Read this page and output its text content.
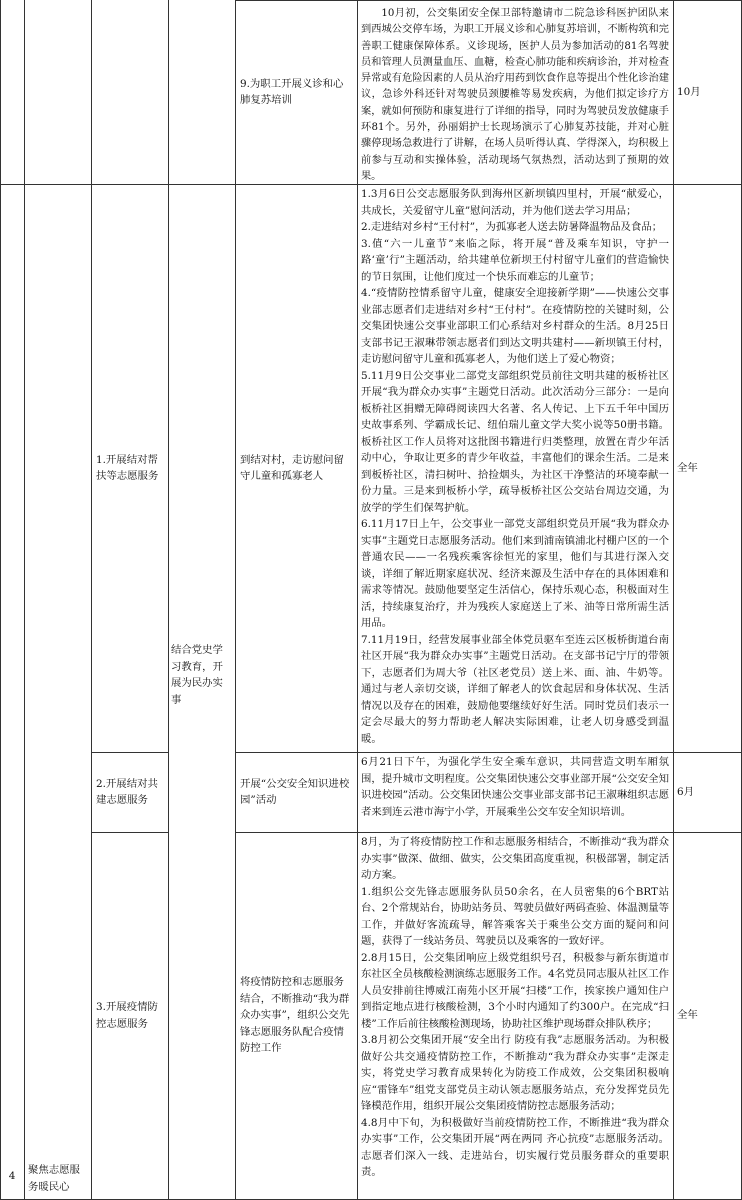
9.为职工开展义诊和心肺复苏培训
10月初，公交集团安全保卫部特邀请市二院急诊科医护团队来到西城公交停车场，为职工开展义诊和心肺复苏培训，不断构筑和完善职工健康保障体系。义诊现场，医护人员为参加活动的81名驾驶员和管理人员测量血压、血糖，检查心肺功能和疾病诊治，并对检查异常或有危险因素的人员从治疗用药到饮食作息等提出个性化诊治建议，急诊外科还针对驾驶员颈腰椎等易发疾病，为他们拟定诊疗方案，就如何预防和康复进行了详细的指导，同时为驾驶员发放健康手环81个。另外，孙丽娟护士长现场演示了心肺复苏技能，并对心脏骤停现场急救进行了讲解，在场人员听得认真、学得深入，均积极上前参与互动和实操体验，活动现场气氛热烈，活动达到了预期的效果。
10月
4 聚焦志愿服务暖民心
结合党史学习教育，开展为民办实事
1.开展结对帮扶等志愿服务
到结对村，走访慰问留守儿童和孤寡老人

1.3月6日公交志愿服务队到海州区新坝镇四里村，开展“献爱心，共成长，关爱留守儿童”慰问活动，并为他们送去学习用品；

2.走进结对乡村“王付村”，为孤寡老人送去防暑降温物品及食品；

3.值“六一儿童节”来临之际，将开展“普及乘车知识，守护一路‘童’行”主题活动，给共建单位新坝王付村留守儿童们的营造愉快的节日氛围，让他们度过一个快乐而难忘的儿童节；

4.“疫情防控情系留守儿童，健康安全迎接新学期”——快速公交事业部志愿者们走进结对乡村“王付村”。在疫情防控的关键时刻，公交集团快速公交事业部职工们心系结对乡村群众的生活。8月25日支部书记王淑琳带领志愿者们到达文明共建村——新坝镇王付村，走访慰问留守儿童和孤寡老人，为他们送上了爱心物资；

5.11月9日公交事业二部党支部组织党员前往文明共建的板桥社区开展“我为群众办实事”主题党日活动。此次活动分三部分：一是向板桥社区捐赠无障碍阅读四大名著、名人传记、上下五千年中国历史故事系列、学霸成长记、纽伯瑞儿童文学大奖小说等50册书籍。板桥社区工作人员将对这批图书籍进行归类整理，放置在青少年活动中心，争取让更多的青少年收益，丰富他们的课余生活。二是来到板桥社区，清扫树叶、拾捡烟头，为社区干净整洁的环境奉献一份力量。三是来到板桥小学，疏导板桥社区公交站台周边交通，为放学的学生们保驾护航。

6.11月17日上午，公交事业一部党支部组织党员开展“我为群众办实事”主题党日志愿服务活动。他们来到浦南镇浦北村棚户区的一个普通农民——一名残疾乘客徐恒光的家里，他们与其进行深入交谈，详细了解近期家庭状况、经济来源及生活中存在的具体困难和需求等情况。鼓励他要坚定生活信心，保持乐观心态，积极面对生活，持续康复治疗，并为残疾人家庭送上了米、油等日常所需生活用品。

7.11月19日，经营发展事业部全体党员驱车至连云区板桥街道台南社区开展“我为群众办实事”主题党日活动。在支部书记宁厅的带领下，志愿者们为周大爷（社区老党员）送上米、面、油、牛奶等。通过与老人亲切交谈，详细了解老人的饮食起居和身体状况、生活情况以及存在的困难，鼓励他要继续好好生活。同时党员们表示一定会尽最大的努力帮助老人解决实际困难，让老人切身感受到温暖。

全年
2.开展结对共建志愿服务
开展“公交安全知识进校园”活动

6月21日下午，为强化学生安全乘车意识，共同营造文明车厢氛围，提升城市文明程度。公交集团快速公交事业部开展“公交安全知识进校园”活动。公交集团快速公交事业部支部书记王淑琳组织志愿者来到连云港市海宁小学，开展乘坐公交车安全知识培训。

6月
3.开展疫情防控志愿服务
将疫情防控和志愿服务结合，不断推动“我为群众办实事”，组织公交先锋志愿服务队配合疫情防控工作

8月，为了将疫情防控工作和志愿服务相结合，不断推动“我为群众办实事”做深、做细、做实，公交集团高度重视，积极部署，制定活动方案。

1.组织公交先锋志愿服务队员50余名，在人员密集的6个BRT站台、2个常规站台，协助站务员、驾驶员做好两码查验、体温测量等工作，并做好客流疏导，解答乘客关于乘坐公交方面的疑问和问题，获得了一线站务员、驾驶员以及乘客的一致好评。

2.8月15日，公交集团响应上级党组织号召，积极参与新东街道市东社区全员核酸检测演练志愿服务工作。4名党员同志服从社区工作人员安排前往博威江南苑小区开展“扫楼”工作，挨家挨户通知住户到指定地点进行核酸检测，3个小时内通知了约300户。在完成“扫楼”工作后前往核酸检测现场，协助社区维护现场群众排队秩序；

3.8月初公交集团开展“安全出行 防疫有我”志愿服务活动。为积极做好公共交通疫情防控工作，不断推动“我为群众办实事”走深走实，将党史学习教育成果转化为防疫工作成效，公交集团积极响应“雷锋车”组党支部党员主动认领志愿服务站点，充分发挥党员先锋模范作用，组织开展公交集团疫情防控志愿服务活动；

4.8月中下旬，为积极做好当前疫情防控工作，不断推进“我为群众办实事”工作，公交集团开展“两在两同 齐心抗疫”志愿服务活动。志愿者们深入一线、走进站台，切实履行党员服务群众的重要职责。

全年
